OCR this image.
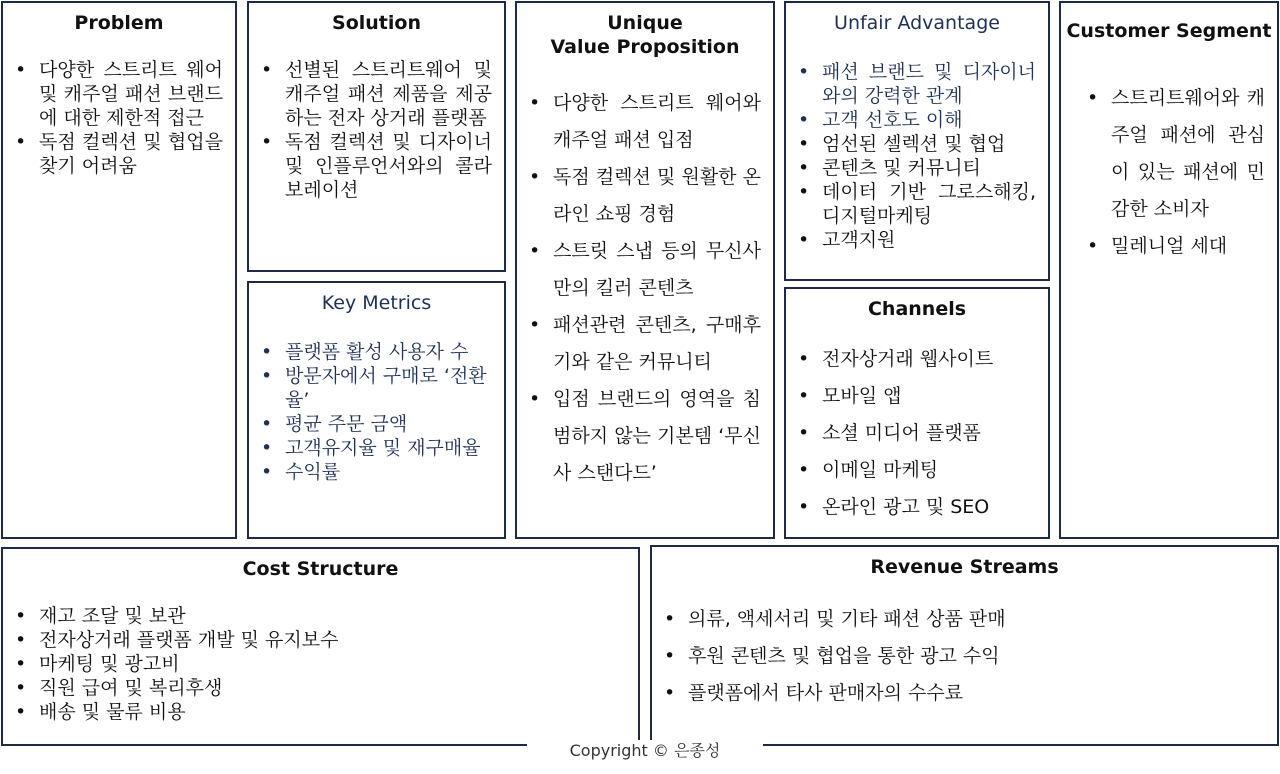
Problem
• 다양한 스트리트 웨어 및 캐주얼 패션 브랜드에 대한 제한적 접근
• 독점 컬렉션 및 협업을 찾기 어려움
Solution
• 선별된 스트리트웨어 및 캐주얼 패션 제품을 제공하는 전자 상거래 플랫폼
• 독점 컬렉션 및 디자이너 및 인플루언서와의 콜라보레이션
Key Metrics
• 플랫폼 활성 사용자 수
• 방문자에서 구매로 ‘전환율’
• 평균 주문 금액
• 고객유지율 및 재구매율
• 수익률
Unique
Value Proposition
• 다양한 스트리트 웨어와 캐주얼 패션 입점
• 독점 컬렉션 및 원활한 온라인 쇼핑 경험
• 스트릿 스냅 등의 무신사만의 킬러 콘텐츠
• 패션관련 콘텐츠, 구매후기와 같은 커뮤니티
• 입점 브랜드의 영역을 침범하지 않는 기본템 ‘무신사 스탠다드’
Unfair Advantage
• 패션 브랜드 및 디자이너와의 강력한 관계
• 고객 선호도 이해
• 엄선된 셀렉션 및 협업
• 콘텐츠 및 커뮤니티
• 데이터 기반 그로스해킹, 디지털마케팅
• 고객지원
Channels
• 전자상거래 웹사이트
• 모바일 앱
• 소셜 미디어 플랫폼
• 이메일 마케팅
• 온라인 광고 및 SEO
Customer Segment
• 스트리트웨어와 캐주얼 패션에 관심이 있는 패션에 민감한 소비자
• 밀레니얼 세대
Cost Structure
• 재고 조달 및 보관
• 전자상거래 플랫폼 개발 및 유지보수
• 마케팅 및 광고비
• 직원 급여 및 복리후생
• 배송 및 물류 비용
Revenue Streams
• 의류, 액세서리 및 기타 패션 상품 판매
• 후원 콘텐츠 및 협업을 통한 광고 수익
• 플랫폼에서 타사 판매자의 수수료
Copyright © 은종성
